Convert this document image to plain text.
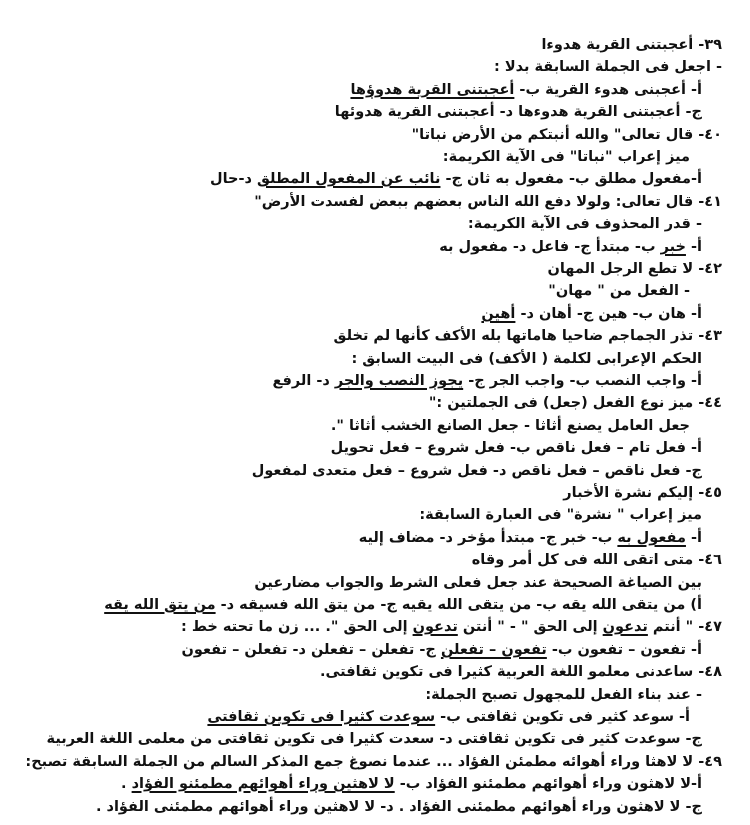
٣٩- أعجبتنى القرية هدوءا
- اجعل فى الجملة السابقة بدلا :
أ- أعجبنى هدوء القرية ب- أعجبتنى القرية هدوؤها
ج- أعجبتنى القرية هدوءها د- أعجبتنى القرية هدوئها
٤٠- قال تعالى" والله أنبتكم من الأرض نباتا"
ميز إعراب "نباتا" فى الآية الكريمة:
أ-مفعول مطلق ب- مفعول به ثان ج- نائب عن المفعول المطلق د-حال
٤١- قال تعالى: ولولا دفع الله الناس بعضهم ببعض لفسدت الأرض"
- قدر المحذوف فى الآية الكريمة:
أ- خبر ب- مبتدأ ج- فاعل د- مفعول به
٤٢- لا تطع الرجل المهان
- الفعل من " مهان"
أ- هان ب- هين ج- أهان د- أهين
٤٣- تذر الجماجم ضاحيا هاماتها بله الأكف كأنها لم تخلق
الحكم الإعرابى لكلمة ( الأكف) فى البيت السابق :
أ- واجب النصب ب- واجب الجر ج- يجوز النصب والجر د- الرفع
٤٤- ميز نوع الفعل (جعل) فى الجملتين :"
جعل العامل يصنع أثاثا - جعل الصانع الخشب أثاثا ".
أ- فعل تام – فعل ناقص ب- فعل شروع – فعل تحويل
ج- فعل ناقص – فعل ناقص د- فعل شروع – فعل متعدى لمفعول
٤٥- إليكم نشرة الأخبار
ميز إعراب " نشرة" فى العبارة السابقة:
أ- مفعول به ب- خبر ج- مبتدأ مؤخر د- مضاف إليه
٤٦- متى اتقى الله فى كل أمر وقاه
بين الصياغة الصحيحة عند جعل فعلى الشرط والجواب مضارعين
أ) من يتقى الله يقه ب- من يتقى الله يقيه ج- من يتق الله فسيقه د- من يتق الله يقه
٤٧- " أنتم تدعون إلى الحق " - " أنتن تدعون إلى الحق ". ... زن ما تحته خط :
أ- تفعون – تفعون ب- تفعون – تفعلن ج- تفعلن – تفعلن د- تفعلن – تفعون
٤٨- ساعدنى معلمو اللغة العربية كثيرا فى تكوين ثقافتى.
- عند بناء الفعل للمجهول تصبح الجملة:
أ- سوعد كثير فى تكوين ثقافتى ب- سوعدت كثيرا فى تكوين ثقافتى
ج- سوعدت كثير فى تكوين ثقافتى د- سعدت كثيرا فى تكوين ثقافتى من معلمى اللغة العربية
٤٩- لا لاهثا وراء أهوائه مطمئن الفؤاد ... عندما نصوغ جمع المذكر السالم من الجملة السابقة تصبح:
أ-لا لاهثون وراء أهوائهم مطمئنو الفؤاد ب- لا لاهثين وراء أهوائهم مطمئنو الفؤاد .
ج- لا لاهثون وراء أهوائهم مطمئنى الفؤاد . د- لا لاهثين وراء أهوائهم مطمئنى الفؤاد .
